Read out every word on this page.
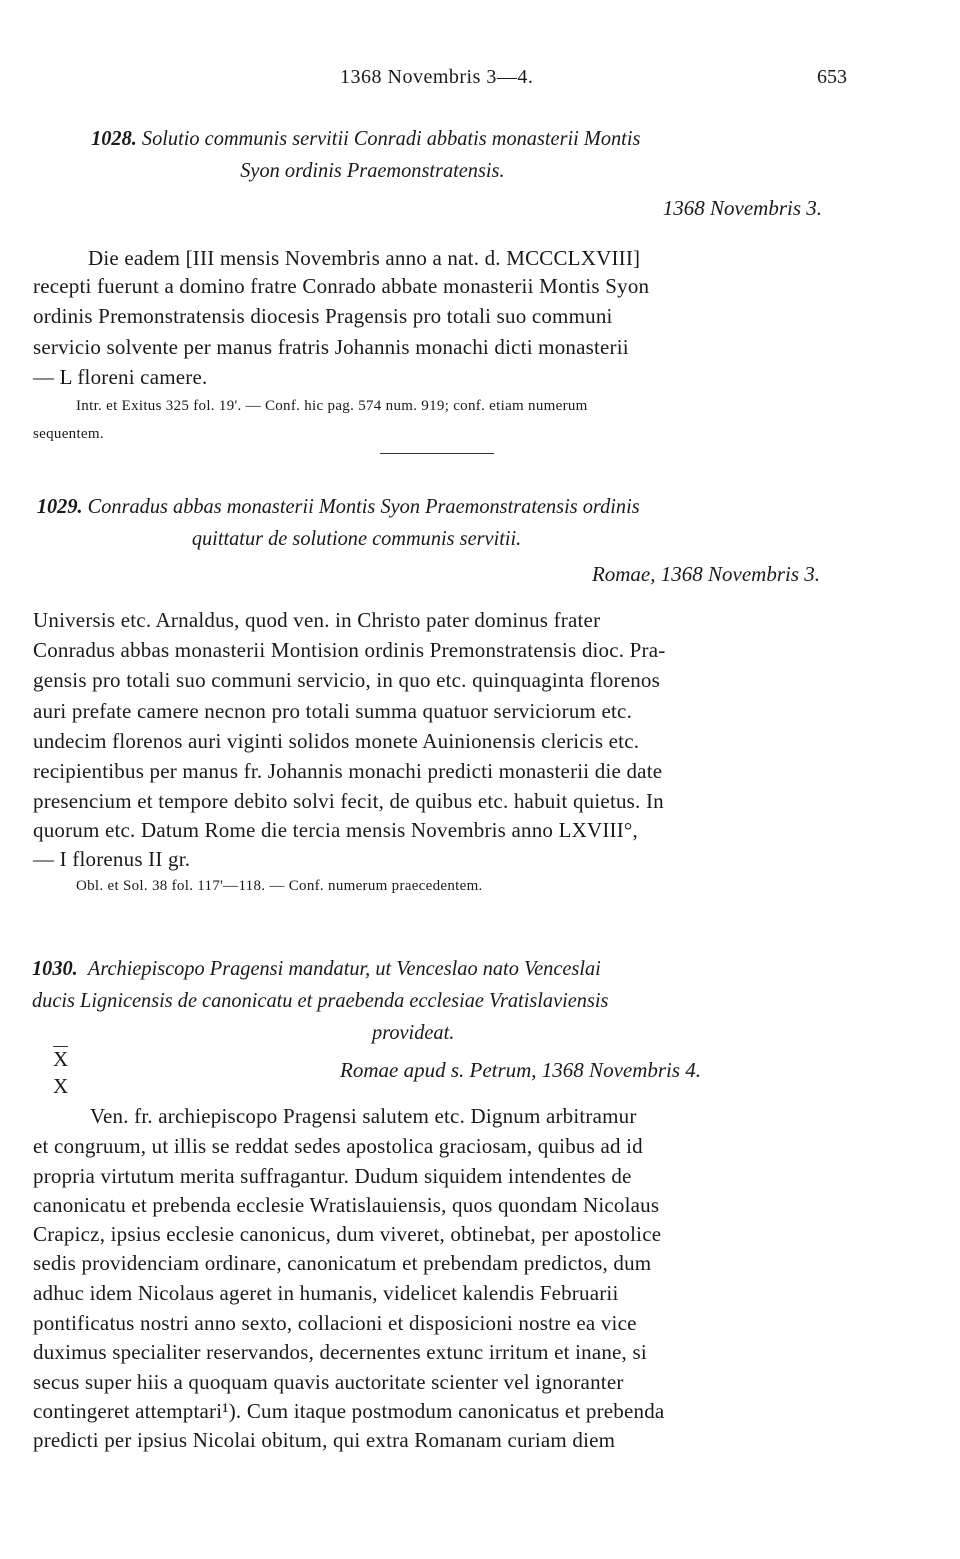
1368 Novembris 3—4.	653
1028. Solutio communis servitii Conradi abbatis monasterii Montis
Syon ordinis Praemonstratensis.
1368 Novembris 3.
Die eadem [III mensis Novembris anno a nat. d. MCCCLXVIII]
recepti fuerunt a domino fratre Conrado abbate monasterii Montis Syon
ordinis Premonstratensis diocesis Pragensis pro totali suo communi
servicio solvente per manus fratris Johannis monachi dicti monasterii
— L floreni camere.
Intr. et Exitus 325 fol. 19'. — Conf. hic pag. 574 num. 919; conf. etiam numerum
sequentem.
1029. Conradus abbas monasterii Montis Syon Praemonstratensis ordinis
quittatur de solutione communis servitii.
Romae, 1368 Novembris 3.
Universis etc. Arnaldus, quod ven. in Christo pater dominus frater
Conradus abbas monasterii Montision ordinis Premonstratensis dioc. Pra-
gensis pro totali suo communi servicio, in quo etc. quinquaginta florenos
auri prefate camere necnon pro totali summa quatuor serviciorum etc.
undecim florenos auri viginti solidos monete Auinionensis clericis etc.
recipientibus per manus fr. Johannis monachi predicti monasterii die date
presencium et tempore debito solvi fecit, de quibus etc. habuit quietus. In
quorum etc. Datum Rome die tercia mensis Novembris anno LXVIII°,
— I florenus II gr.
Obl. et Sol. 38 fol. 117'—118. — Conf. numerum praecedentem.
1030. Archiepiscopo Pragensi mandatur, ut Venceslao nato Venceslai
ducis Lignicensis de canonicatu et praebenda ecclesiae Vratislaviensis
provideat.
X
X
Romae apud s. Petrum, 1368 Novembris 4.
Ven. fr. archiepiscopo Pragensi salutem etc. Dignum arbitramur
et congruum, ut illis se reddat sedes apostolica graciosam, quibus ad id
propria virtutum merita suffragantur. Dudum siquidem intendentes de
canonicatu et prebenda ecclesie Wratislauiensis, quos quondam Nicolaus
Crapicz, ipsius ecclesie canonicus, dum viveret, obtinebat, per apostolice
sedis providenciam ordinare, canonicatum et prebendam predictos, dum
adhuc idem Nicolaus ageret in humanis, videlicet kalendis Februarii
pontificatus nostri anno sexto, collacioni et disposicioni nostre ea vice
duximus specialiter reservandos, decernentes extunc irritum et inane, si
secus super hiis a quoquam quavis auctoritate scienter vel ignoranter
contingeret attemptari¹). Cum itaque postmodum canonicatus et prebenda
predicti per ipsius Nicolai obitum, qui extra Romanam curiam diem
